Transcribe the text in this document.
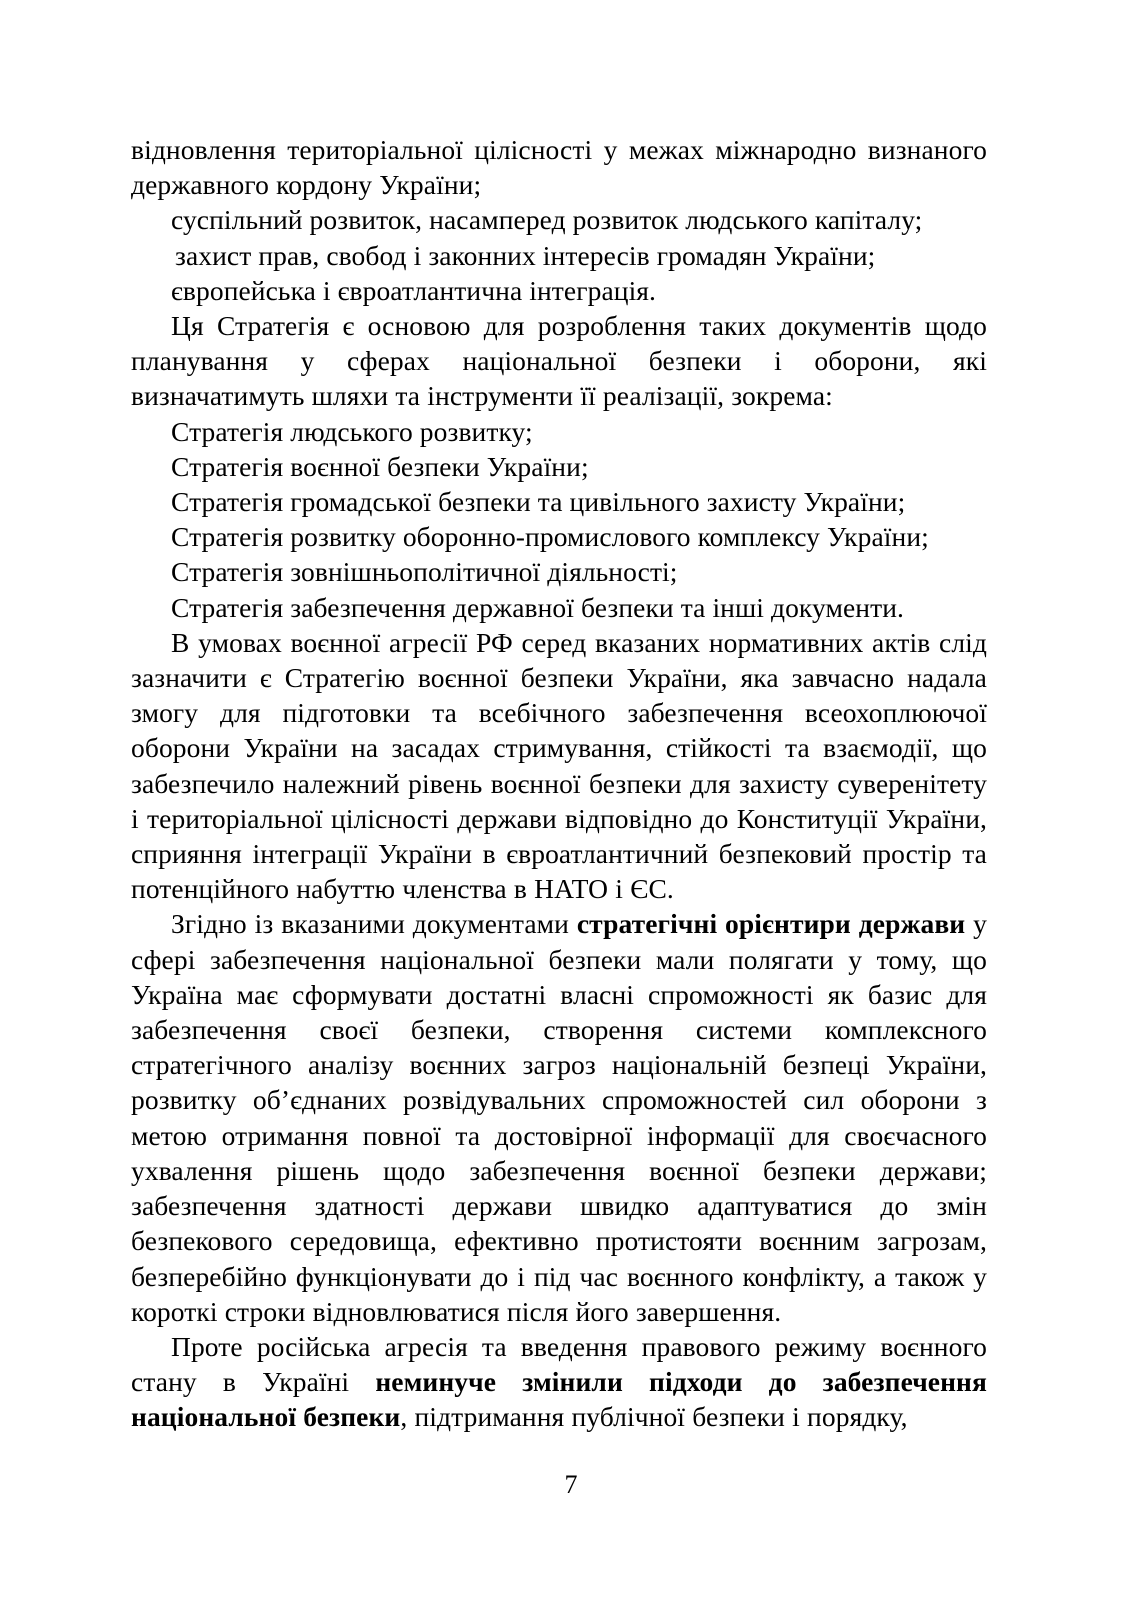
відновлення територіальної цілісності у межах міжнародно визнаного державного кордону України;

суспільний розвиток, насамперед розвиток людського капіталу;

захист прав, свобод і законних інтересів громадян України;

європейська і євроатлантична інтеграція.

Ця Стратегія є основою для розроблення таких документів щодо планування у сферах національної безпеки і оборони, які визначатимуть шляхи та інструменти її реалізації, зокрема:

Стратегія людського розвитку;

Стратегія воєнної безпеки України;

Стратегія громадської безпеки та цивільного захисту України;

Стратегія розвитку оборонно-промислового комплексу України;

Стратегія зовнішньополітичної діяльності;

Стратегія забезпечення державної безпеки та інші документи.

В умовах воєнної агресії РФ серед вказаних нормативних актів слід зазначити є Стратегію воєнної безпеки України, яка завчасно надала змогу для підготовки та всебічного забезпечення всеохоплюючої оборони України на засадах стримування, стійкості та взаємодії, що забезпечило належний рівень воєнної безпеки для захисту суверенітету і територіальної цілісності держави відповідно до Конституції України, сприяння інтеграції України в євроатлантичний безпековий простір та потенційного набуттю членства в НАТО і ЄС.

Згідно із вказаними документами стратегічні орієнтири держави у сфері забезпечення національної безпеки мали полягати у тому, що Україна має сформувати достатні власні спроможності як базис для забезпечення своєї безпеки, створення системи комплексного стратегічного аналізу воєнних загроз національній безпеці України, розвитку об’єднаних розвідувальних спроможностей сил оборони з метою отримання повної та достовірної інформації для своєчасного ухвалення рішень щодо забезпечення воєнної безпеки держави; забезпечення здатності держави швидко адаптуватися до змін безпекового середовища, ефективно протистояти воєнним загрозам, безперебійно функціонувати до і під час воєнного конфлікту, а також у короткі строки відновлюватися після його завершення.

Проте російська агресія та введення правового режиму воєнного стану в Україні неминуче змінили підходи до забезпечення національної безпеки, підтримання публічної безпеки і порядку,

7
